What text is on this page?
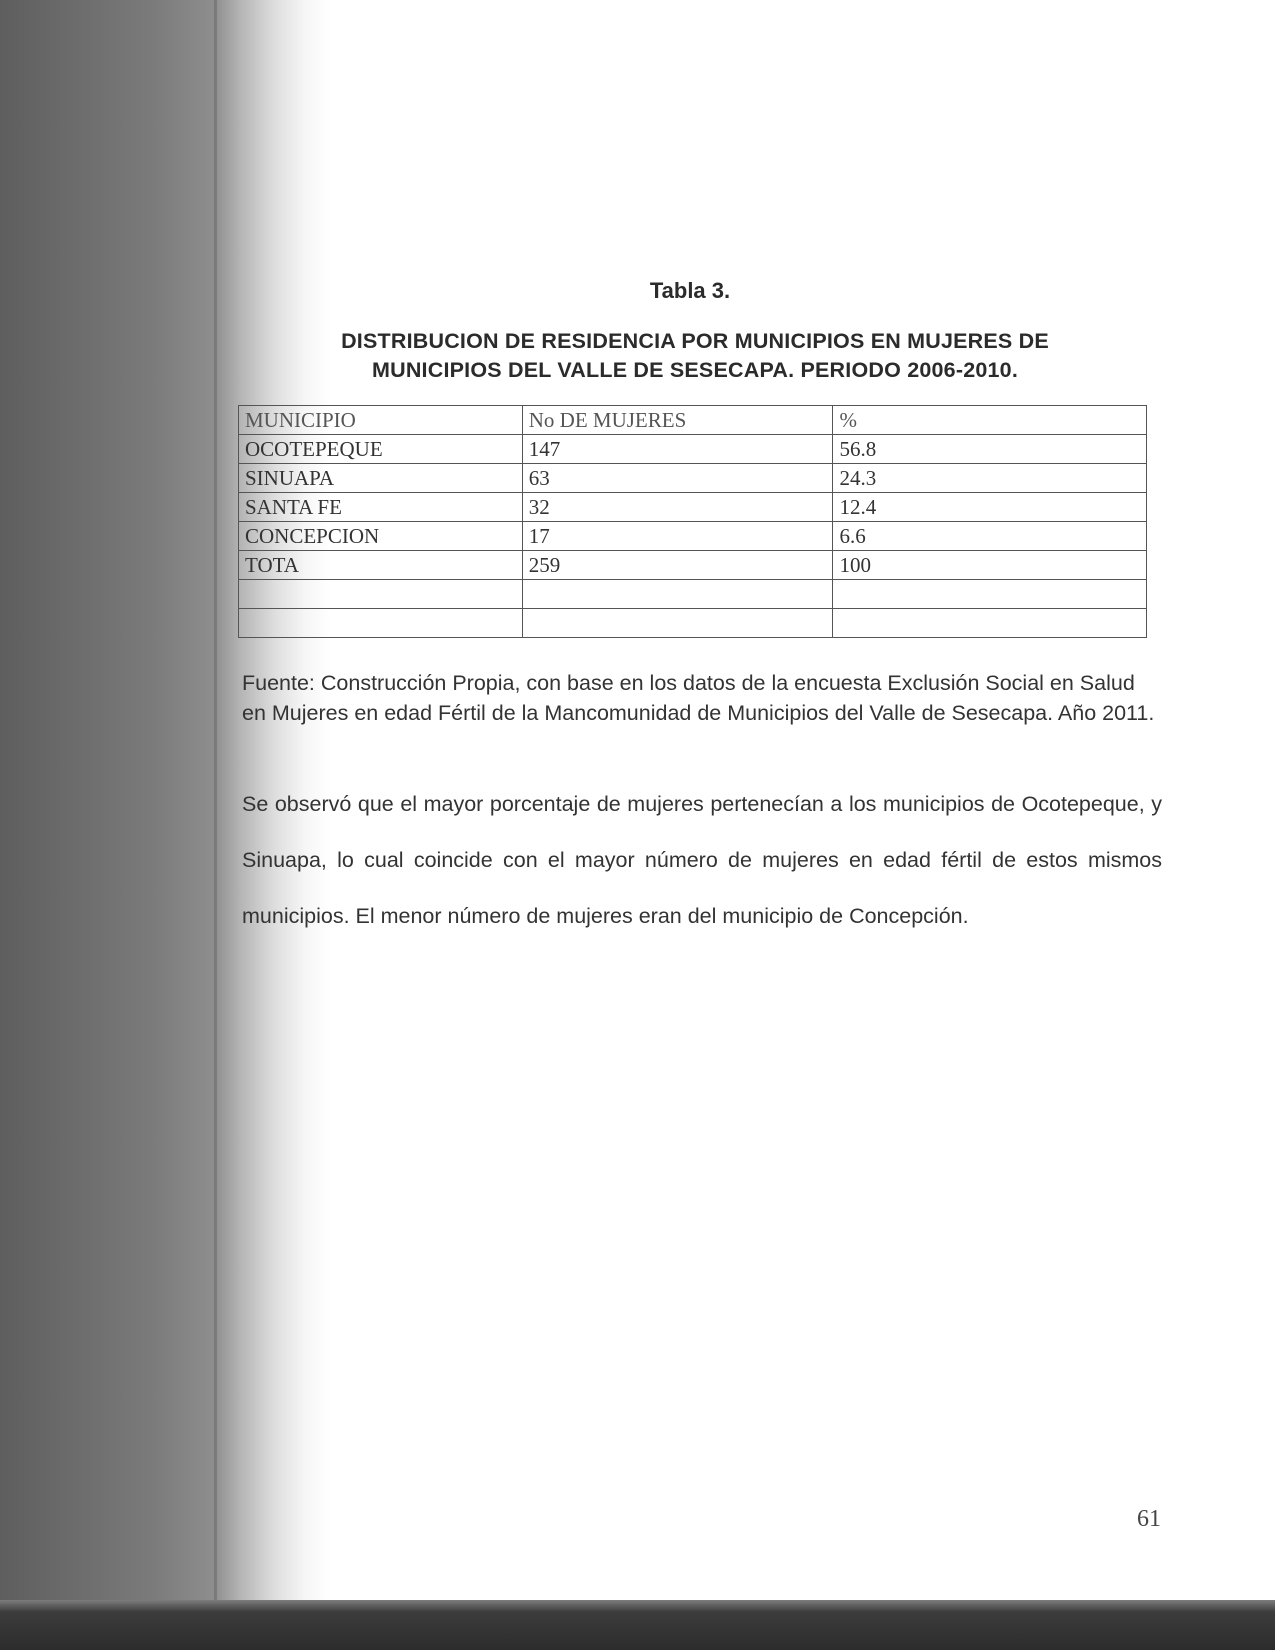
Tabla 3.
DISTRIBUCION DE RESIDENCIA POR MUNICIPIOS EN MUJERES DE
MUNICIPIOS DEL VALLE DE SESECAPA. PERIODO 2006-2010.
MUNICIPIO	No DE MUJERES	%
OCOTEPEQUE	147	56.8
SINUAPA	63	24.3
SANTA FE	32	12.4
CONCEPCION	17	6.6
TOTA	259	100

Fuente: Construcción Propia, con base en los datos de la encuesta Exclusión Social en Salud en Mujeres en edad Fértil de la Mancomunidad de Municipios del Valle de Sesecapa. Año 2011.
Se observó que el mayor porcentaje de mujeres pertenecían a los municipios de Ocotepeque, y Sinuapa, lo cual coincide con el mayor número de mujeres en edad fértil de estos mismos municipios. El menor número de mujeres eran del municipio de Concepción.
61
